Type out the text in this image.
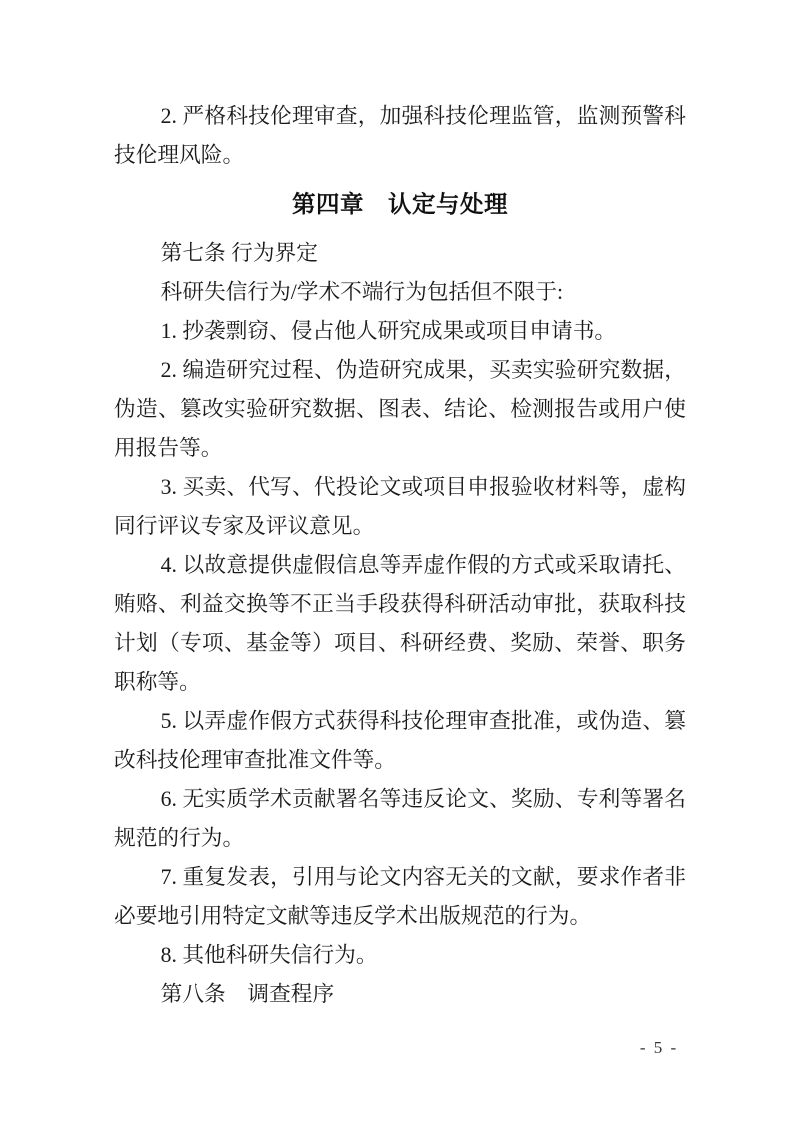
2. 严格科技伦理审查，加强科技伦理监管，监测预警科技伦理风险。

第四章　认定与处理

第七条 行为界定

科研失信行为/学术不端行为包括但不限于:

1. 抄袭剽窃、侵占他人研究成果或项目申请书。

2. 编造研究过程、伪造研究成果，买卖实验研究数据，伪造、篡改实验研究数据、图表、结论、检测报告或用户使用报告等。

3. 买卖、代写、代投论文或项目申报验收材料等，虚构同行评议专家及评议意见。

4. 以故意提供虚假信息等弄虚作假的方式或采取请托、贿赂、利益交换等不正当手段获得科研活动审批，获取科技计划（专项、基金等）项目、科研经费、奖励、荣誉、职务职称等。

5. 以弄虚作假方式获得科技伦理审查批准，或伪造、篡改科技伦理审查批准文件等。

6. 无实质学术贡献署名等违反论文、奖励、专利等署名规范的行为。

7. 重复发表，引用与论文内容无关的文献，要求作者非必要地引用特定文献等违反学术出版规范的行为。

8. 其他科研失信行为。

第八条　调查程序

- 5 -
